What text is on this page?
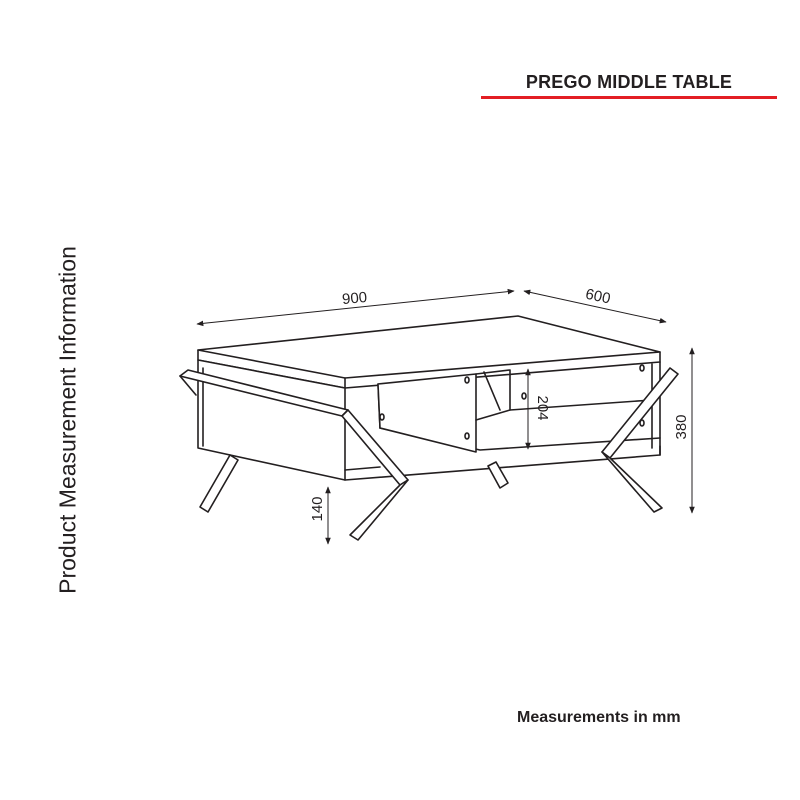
PREGO MIDDLE TABLE
Product Measurement Information	900	600
380
204
140
Measurements in mm
